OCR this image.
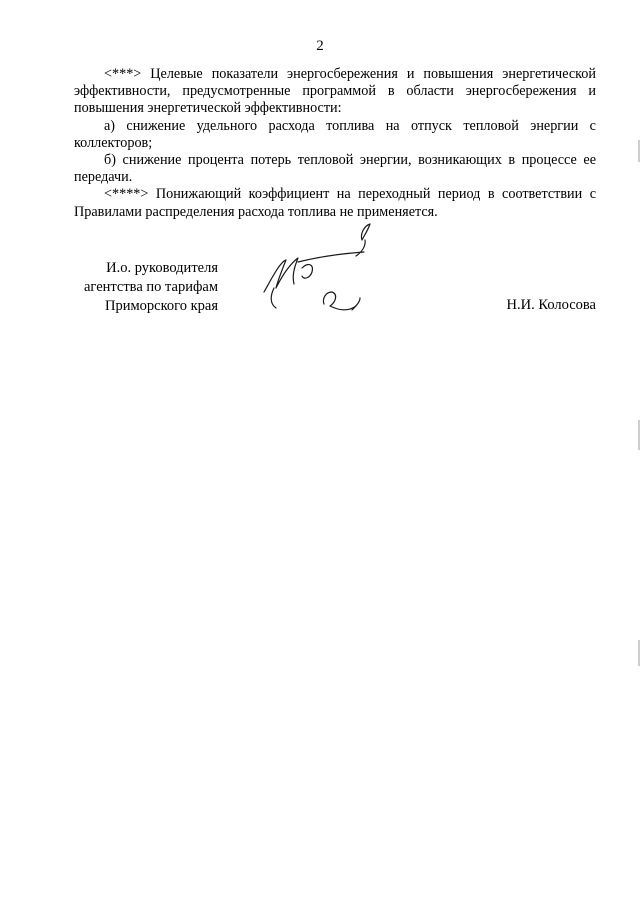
2

<***> Целевые показатели энергосбережения и повышения энергетической эффективности, предусмотренные программой в области энергосбережения и повышения энергетической эффективности:

а) снижение удельного расхода топлива на отпуск тепловой энергии с коллекторов;

б) снижение процента потерь тепловой энергии, возникающих в процессе ее передачи.

<****> Понижающий коэффициент на переходный период в соответствии с Правилами распределения расхода топлива не применяется.

И.о. руководителя
агентства по тарифам
Приморского края	Н.И. Колосова
